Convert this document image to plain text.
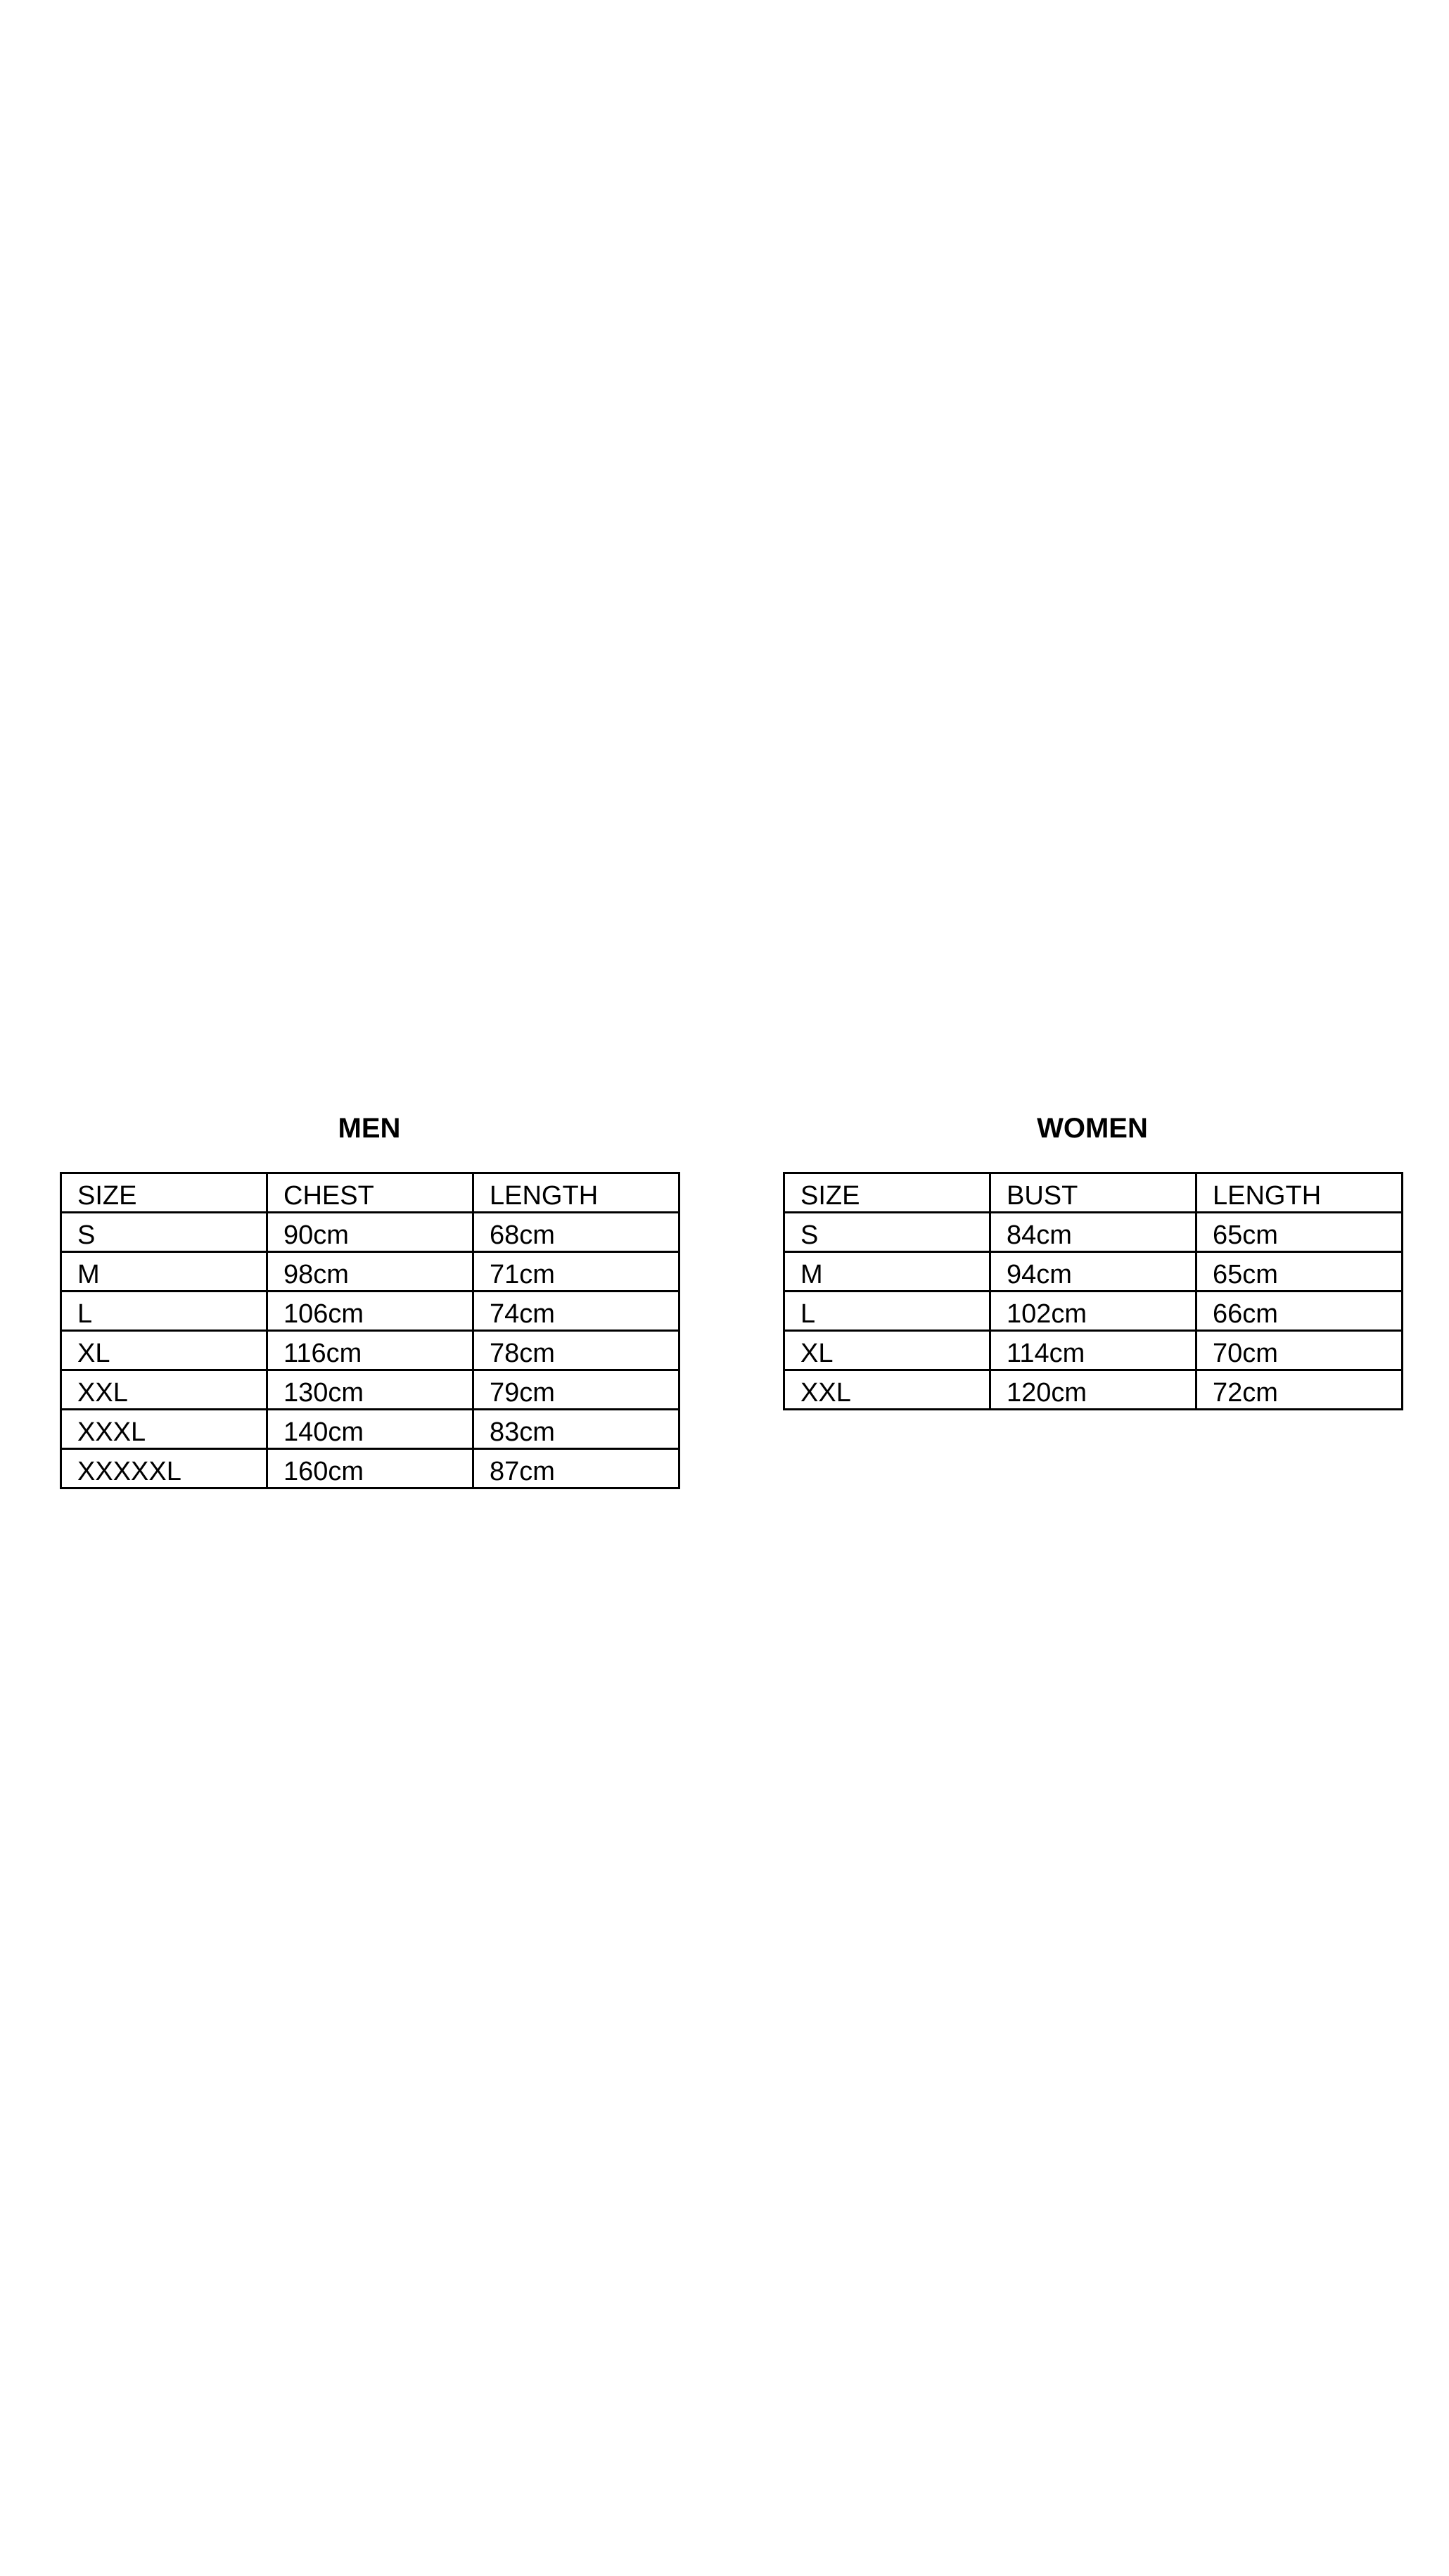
MEN
SIZE	CHEST	LENGTH
S	90cm	68cm
M	98cm	71cm
L	106cm	74cm
XL	116cm	78cm
XXL	130cm	79cm
XXXL	140cm	83cm
XXXXXL	160cm	87cm
WOMEN
SIZE	BUST	LENGTH
S	84cm	65cm
M	94cm	65cm
L	102cm	66cm
XL	114cm	70cm
XXL	120cm	72cm
